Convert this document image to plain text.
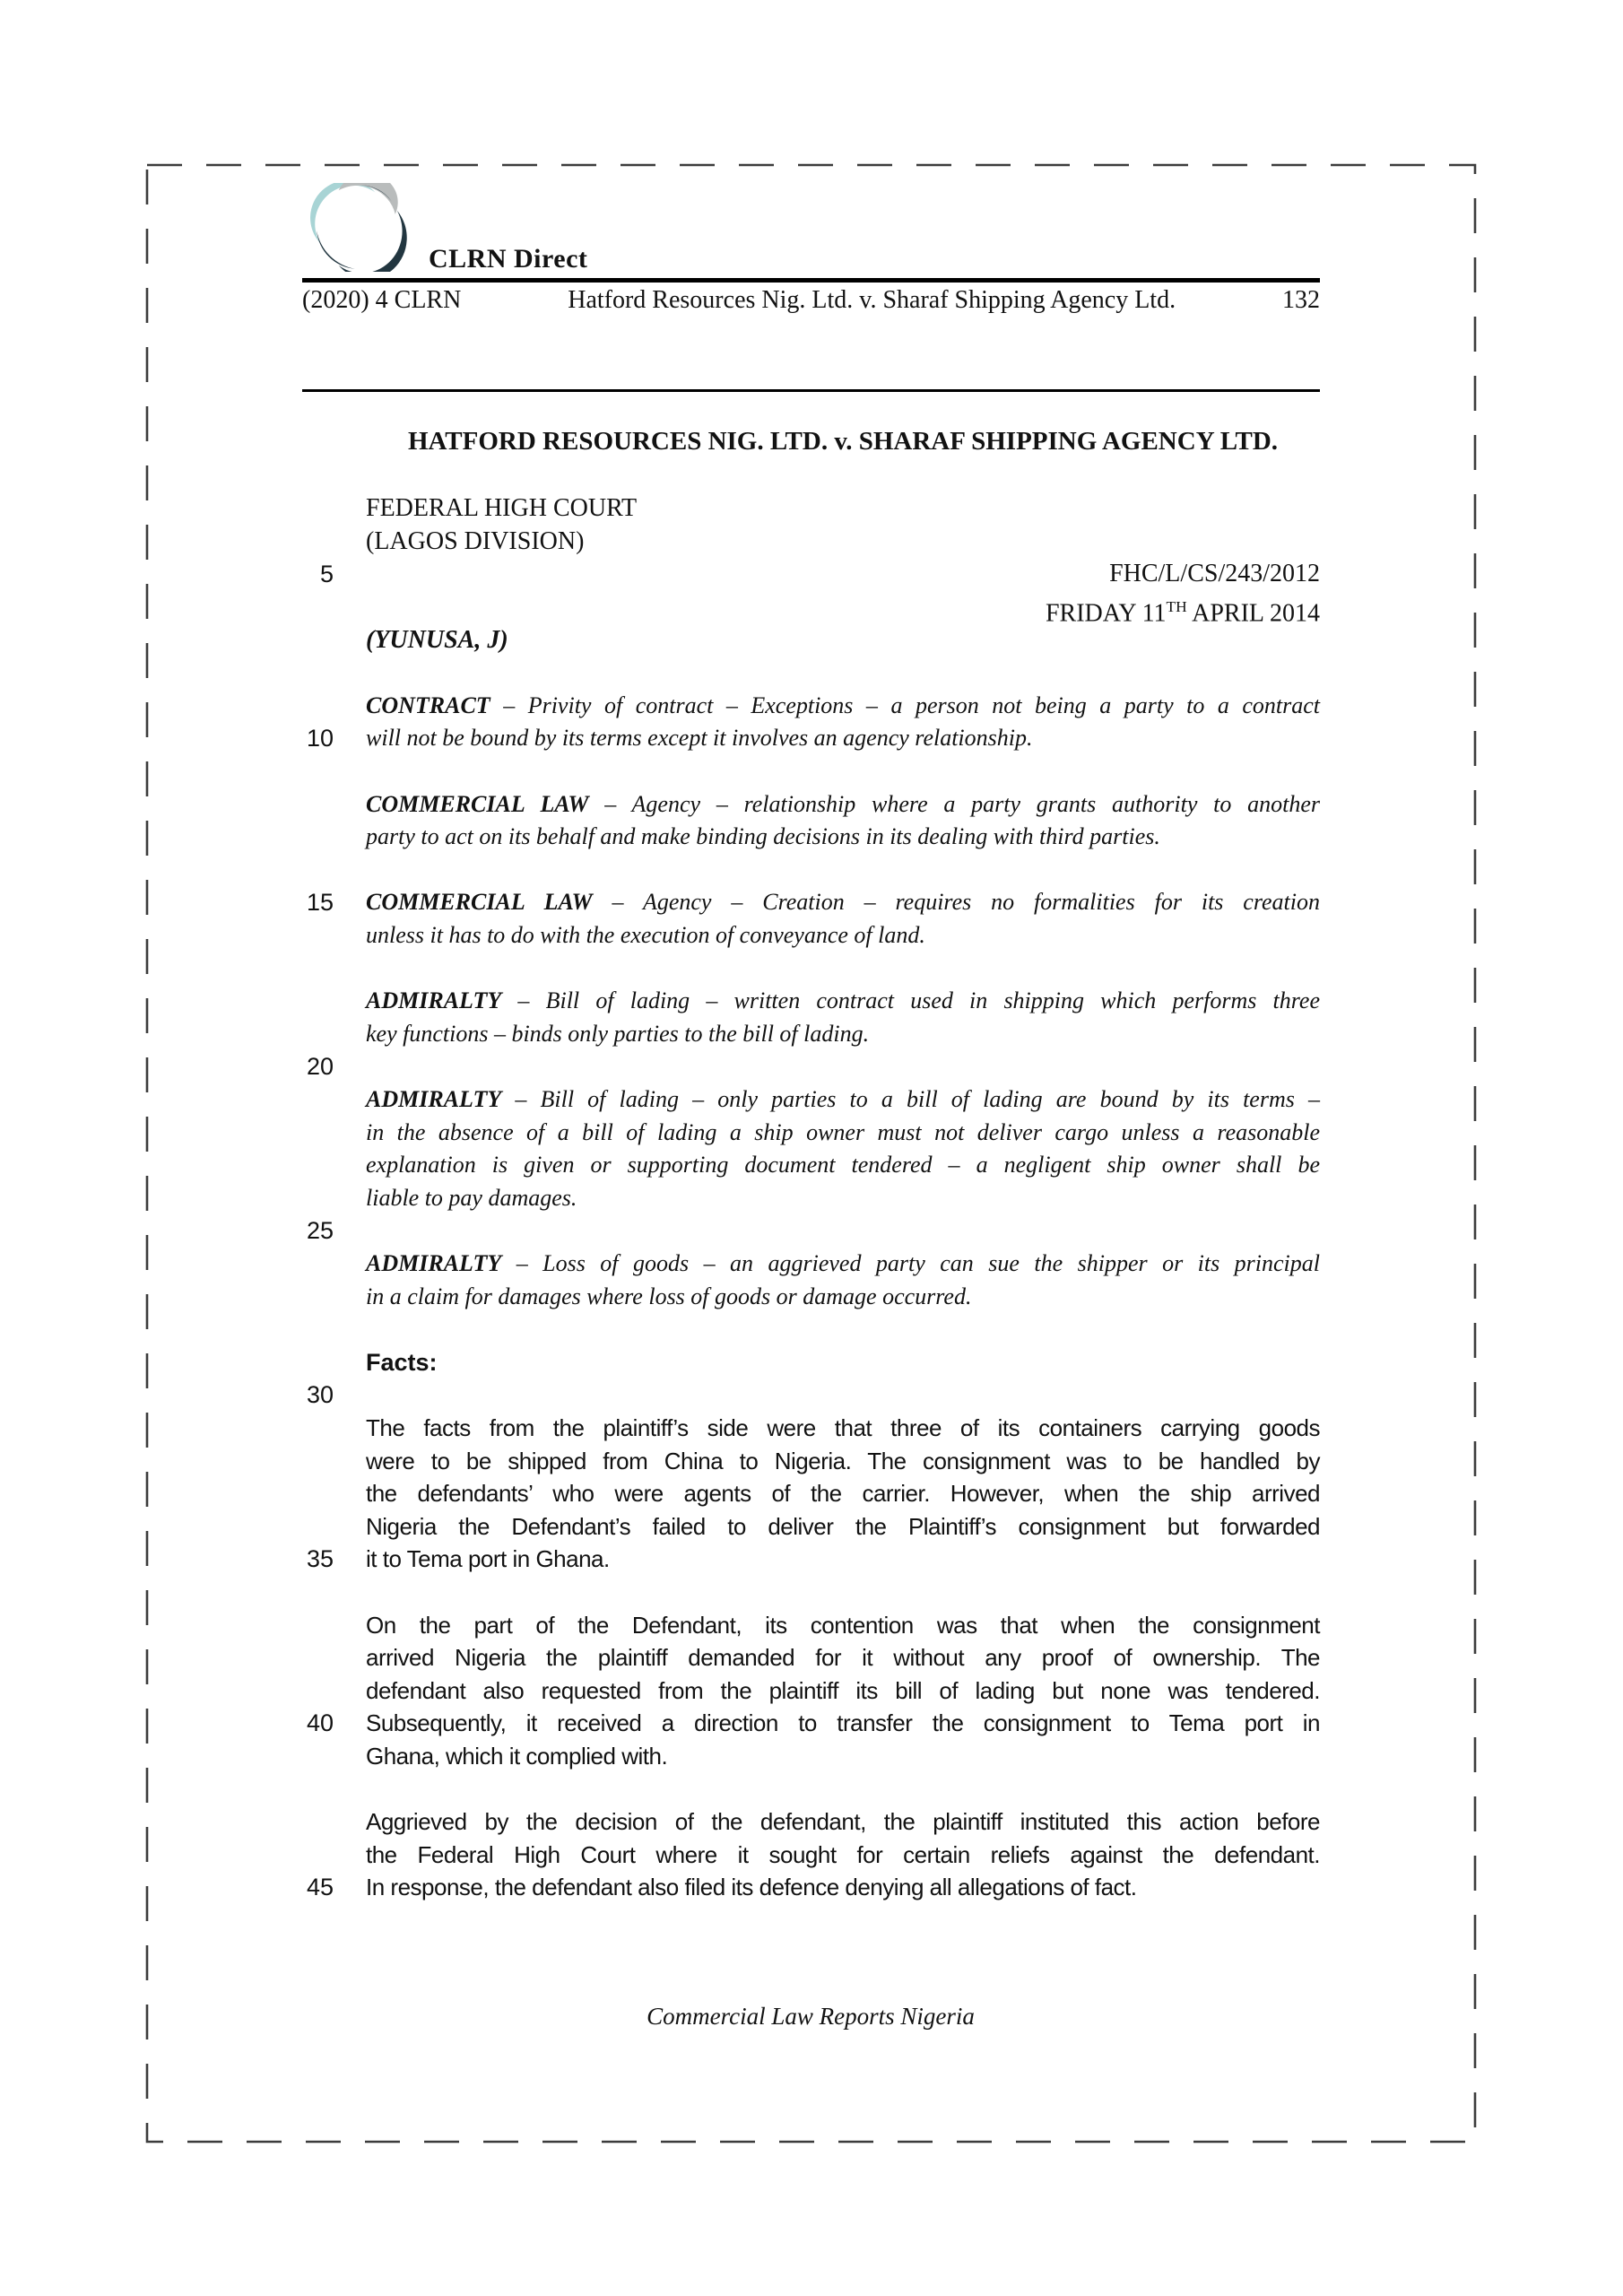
CLRN Direct
(2020) 4 CLRN	Hatford Resources Nig. Ltd. v. Sharaf Shipping Agency Ltd.	132
HATFORD RESOURCES NIG. LTD. v. SHARAF SHIPPING AGENCY LTD.
FEDERAL HIGH COURT
(LAGOS DIVISION)
FHC/L/CS/243/2012
FRIDAY 11TH APRIL 2014
(YUNUSA, J)
CONTRACT – Privity of contract – Exceptions – a person not being a party to a contract
will not be bound by its terms except it involves an agency relationship.
COMMERCIAL LAW – Agency – relationship where a party grants authority to another
party to act on its behalf and make binding decisions in its dealing with third parties.
COMMERCIAL LAW – Agency – Creation – requires no formalities for its creation
unless it has to do with the execution of conveyance of land.
ADMIRALTY – Bill of lading – written contract used in shipping which performs three
key functions – binds only parties to the bill of lading.
ADMIRALTY – Bill of lading – only parties to a bill of lading are bound by its terms –
in the absence of a bill of lading a ship owner must not deliver cargo unless a reasonable
explanation is given or supporting document tendered – a negligent ship owner shall be
liable to pay damages.
ADMIRALTY – Loss of goods – an aggrieved party can sue the shipper or its principal
in a claim for damages where loss of goods or damage occurred.
Facts:
The facts from the plaintiff’s side were that three of its containers carrying goods
were to be shipped from China to Nigeria. The consignment was to be handled by
the defendants’ who were agents of the carrier. However, when the ship arrived
Nigeria the Defendant’s failed to deliver the Plaintiff’s consignment but forwarded
it to Tema port in Ghana.
On the part of the Defendant, its contention was that when the consignment
arrived Nigeria the plaintiff demanded for it without any proof of ownership. The
defendant also requested from the plaintiff its bill of lading but none was tendered.
Subsequently, it received a direction to transfer the consignment to Tema port in
Ghana, which it complied with.
Aggrieved by the decision of the defendant, the plaintiff instituted this action before
the Federal High Court where it sought for certain reliefs against the defendant.
In response, the defendant also filed its defence denying all allegations of fact.
5
10
15
20
25
30
35
40
45
Commercial Law Reports Nigeria
